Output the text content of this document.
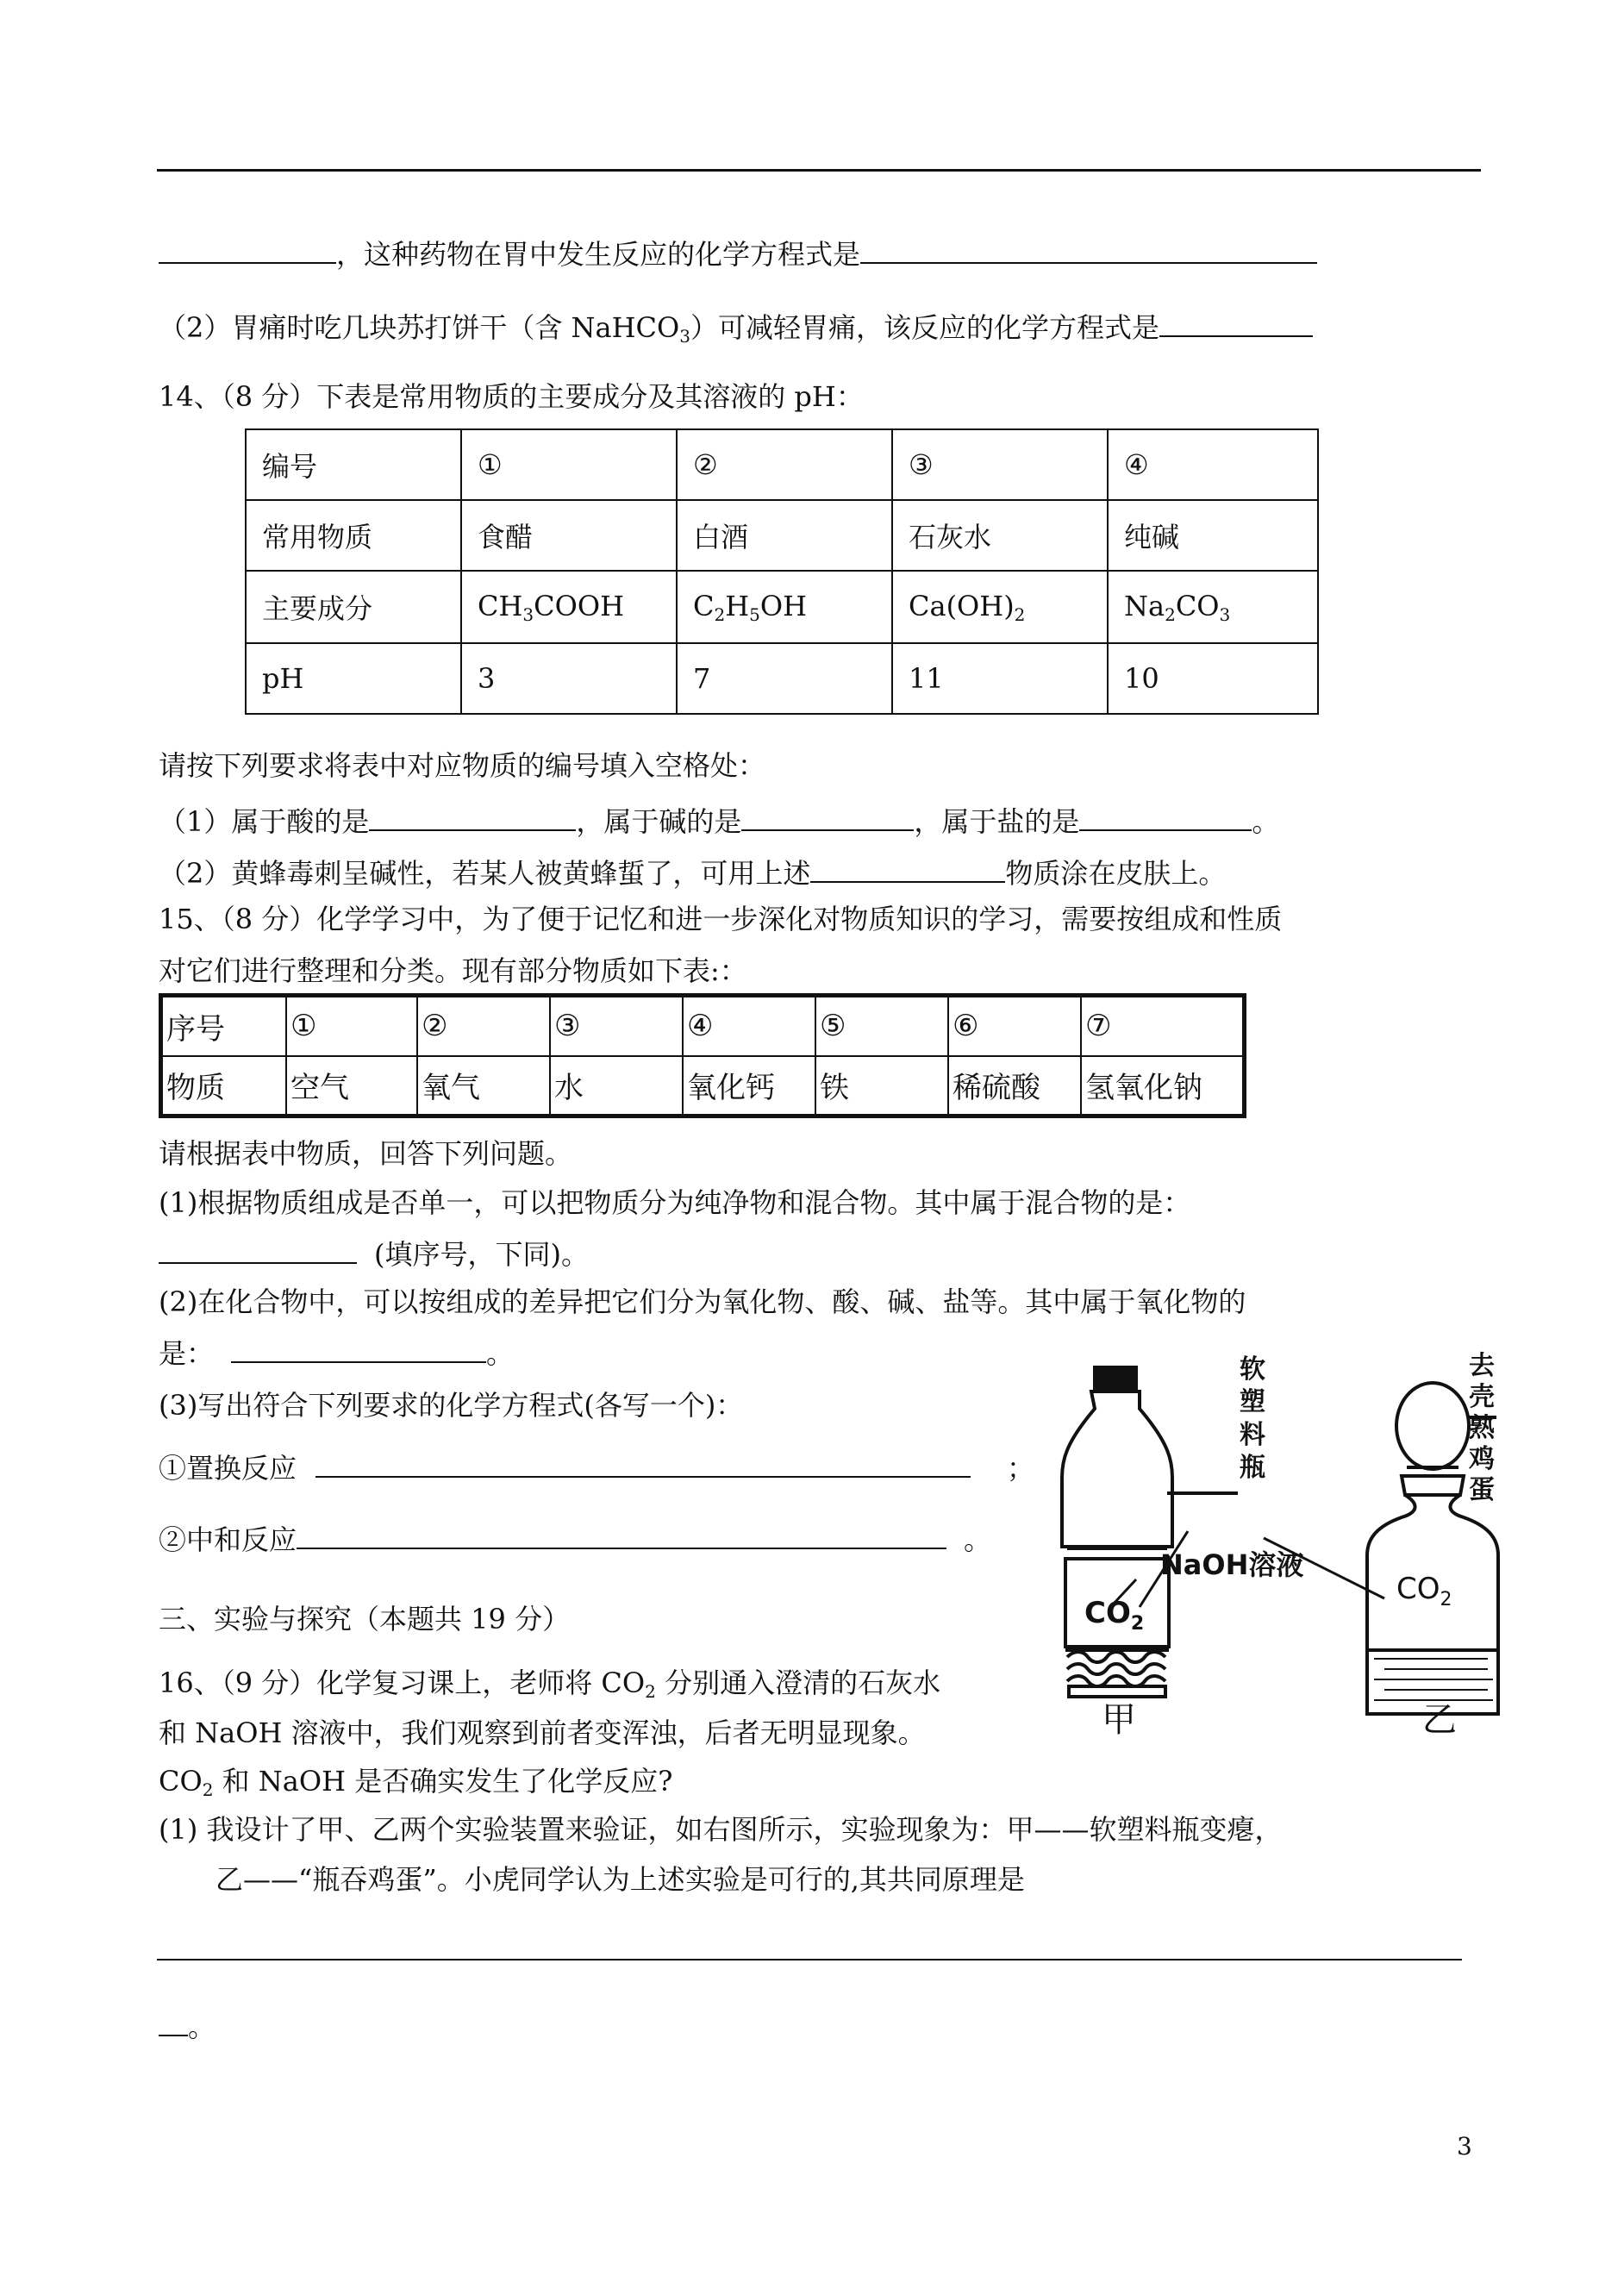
，这种药物在胃中发生反应的化学方程式是
（2）胃痛时吃几块苏打饼干（含 NaHCO$_3$）可减轻胃痛，该反应的化学方程式是
14、（8 分）下表是常用物质的主要成分及其溶液的 pH：
编号	①	②	③	④
常用物质	食醋	白酒	石灰水	纯碱
主要成分	$CH_3COOH$	$C_2H_5OH$	$Ca(OH)_2$	$Na_2CO_3$
pH	3	7	11	10
请按下列要求将表中对应物质的编号填入空格处：
（1）属于酸的是	，属于碱的是	，属于盐的是	。
（2）黄蜂毒刺呈碱性，若某人被黄蜂蜇了，可用上述	物质涂在皮肤上。
15、（8 分）化学学习中，为了便于记忆和进一步深化对物质知识的学习，需要按组成和性质
对它们进行整理和分类。现有部分物质如下表:：
序号	①	②	③	④	⑤	⑥	⑦
物质	空气	氧气	水	氧化钙	铁	稀硫酸	氢氧化钠
请根据表中物质，回答下列问题。
(1)根据物质组成是否单一，可以把物质分为纯净物和混合物。其中属于混合物的是：
(填序号，下同)。
(2)在化合物中，可以按组成的差异把它们分为氧化物、酸、碱、盐等。其中属于氧化物的
是：	。
(3)写出符合下列要求的化学方程式(各写一个)：
①置换反应	；
②中和反应	。
三、实验与探究（本题共 19 分）
16、（9 分）化学复习课上，老师将 $CO_2$ 分别通入澄清的石灰水
和 NaOH 溶液中，我们观察到前者变浑浊，后者无明显现象。
$CO_2$ 和 NaOH 是否确实发生了化学反应?
(1) 我设计了甲、乙两个实验装置来验证，如右图所示，实验现象为：甲——软塑料瓶变瘪，
乙——“瓶吞鸡蛋”。小虎同学认为上述实验是可行的,其共同原理是
。
软
塑
料
瓶
去
壳
熟
鸡
蛋
NaOH溶液
$CO_2$
$CO_2$
甲	乙
3
